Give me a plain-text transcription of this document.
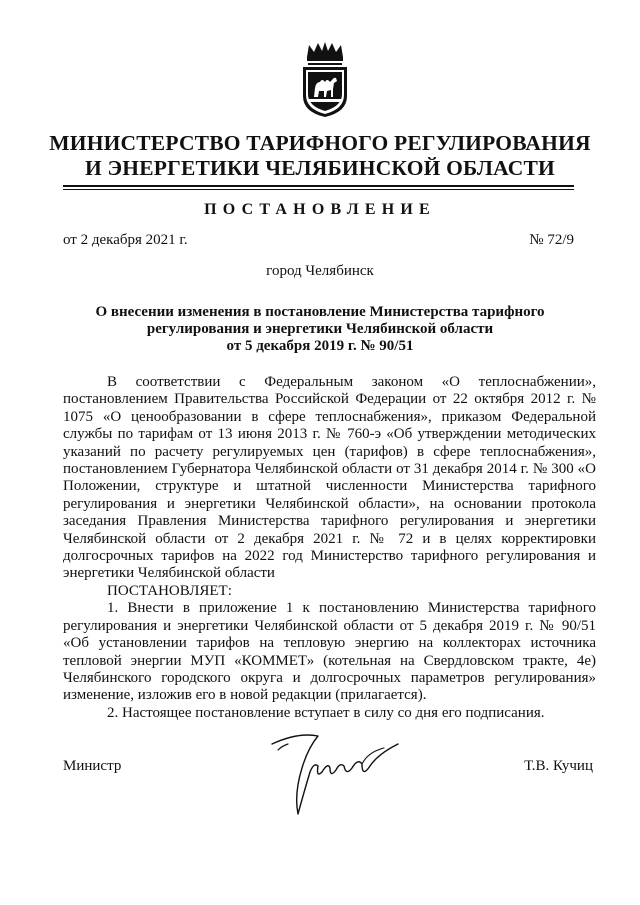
МИНИСТЕРСТВО ТАРИФНОГО РЕГУЛИРОВАНИЯ
И ЭНЕРГЕТИКИ ЧЕЛЯБИНСКОЙ ОБЛАСТИ
ПОСТАНОВЛЕНИЕ
от 2 декабря 2021 г.	№ 72/9
город Челябинск
О внесении изменения в постановление Министерства тарифного
регулирования и энергетики Челябинской области
от 5 декабря 2019 г. № 90/51

В соответствии с Федеральным законом «О теплоснабжении», постановлением Правительства Российской Федерации от 22 октября 2012 г. № 1075 «О ценообразовании в сфере теплоснабжения», приказом Федеральной службы по тарифам от 13 июня 2013 г. № 760-э «Об утверждении методических указаний по расчету регулируемых цен (тарифов) в сфере теплоснабжения», постановлением Губернатора Челябинской области от 31 декабря 2014 г. № 300 «О Положении, структуре и штатной численности Министерства тарифного регулирования и энергетики Челябинской области», на основании протокола заседания Правления Министерства тарифного регулирования и энергетики Челябинской области от 2 декабря 2021 г. № 72 и в целях корректировки долгосрочных тарифов на 2022 год Министерство тарифного регулирования и энергетики Челябинской области

ПОСТАНОВЛЯЕТ:

1. Внести в приложение 1 к постановлению Министерства тарифного регулирования и энергетики Челябинской области от 5 декабря 2019 г. № 90/51 «Об установлении тарифов на тепловую энергию на коллекторах источника тепловой энергии МУП «КОММЕТ» (котельная на Свердловском тракте, 4е) Челябинского городского округа и долгосрочных параметров регулирования» изменение, изложив его в новой редакции (прилагается).

2. Настоящее постановление вступает в силу со дня его подписания.

Министр	Т.В. Кучиц
